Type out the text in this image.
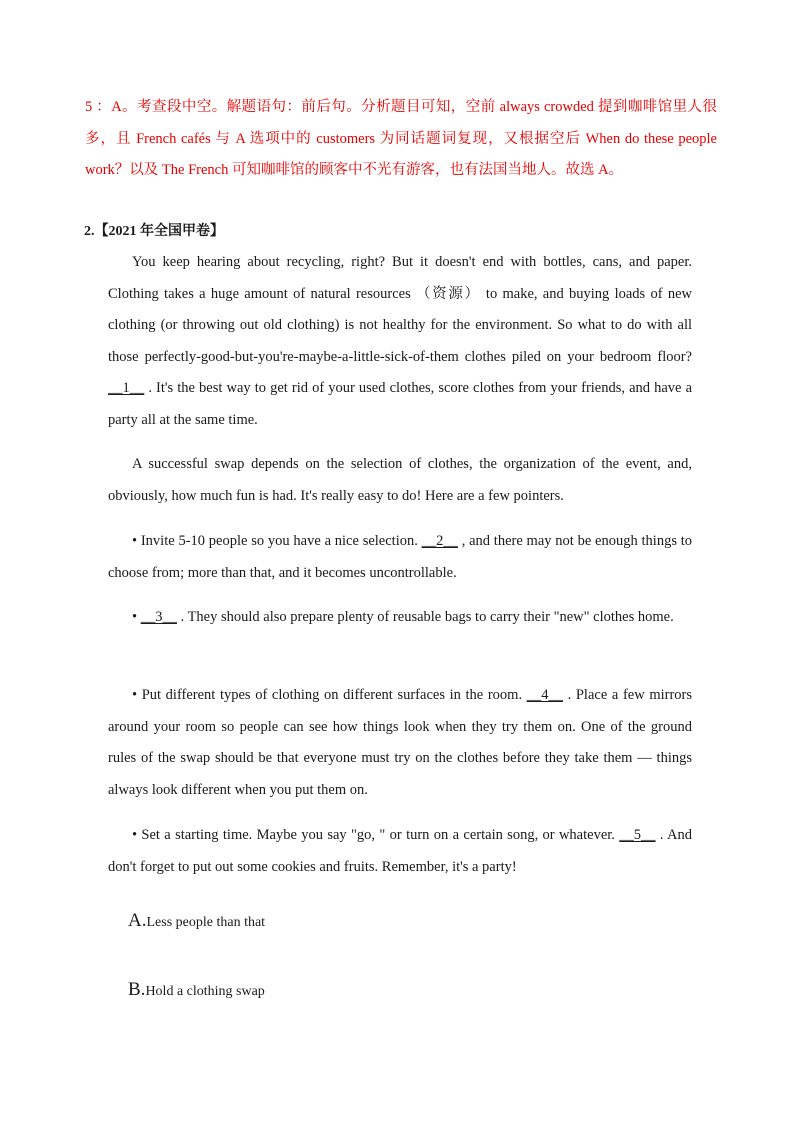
5 ：A。考查段中空。解题语句：前后句。分析题目可知，空前 always crowded 提到咖啡馆里人很多，且 French cafés 与 A 选项中的 customers 为同话题词复现，又根据空后 When do these people work？以及 The French 可知咖啡馆的顾客中不光有游客，也有法国当地人。故选 A。

2.【2021 年全国甲卷】

You keep hearing about recycling, right? But it doesn't end with bottles, cans, and paper. Clothing takes a huge amount of natural resources （资源） to make, and buying loads of new clothing (or throwing out old clothing) is not healthy for the environment. So what to do with all those perfectly-good-but-you're-maybe-a-little-sick-of-them clothes piled on your bedroom floor? __1__ . It's the best way to get rid of your used clothes, score clothes from your friends, and have a party all at the same time.

A successful swap depends on the selection of clothes, the organization of the event, and, obviously, how much fun is had. It's really easy to do! Here are a few pointers.

• Invite 5-10 people so you have a nice selection. __2__ , and there may not be enough things to choose from; more than that, and it becomes uncontrollable.

• __3__ . They should also prepare plenty of reusable bags to carry their "new" clothes home.

• Put different types of clothing on different surfaces in the room. __4__ . Place a few mirrors around your room so people can see how things look when they try them on. One of the ground rules of the swap should be that everyone must try on the clothes before they take them — things always look different when you put them on.

• Set a starting time. Maybe you say "go, " or turn on a certain song, or whatever. __5__ . And don't forget to put out some cookies and fruits. Remember, it's a party!

A.Less people than that

B.Hold a clothing swap
